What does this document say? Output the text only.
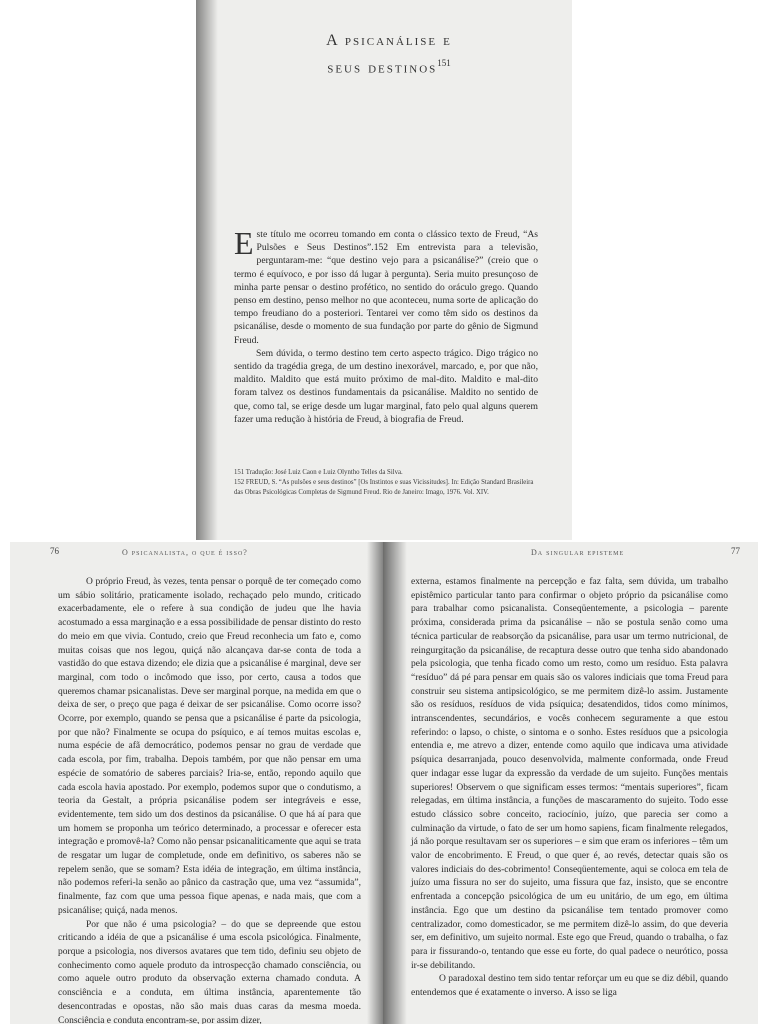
A psicanálise e
seus destinos$^{151}$

Este título me ocorreu tomando em conta o clássico texto de Freud, “As Pulsões e Seus Destinos”.152 Em entrevista para a televisão, perguntaram-me: “que destino vejo para a psicanálise?” (creio que o termo é equívoco, e por isso dá lugar à pergunta). Seria muito presunçoso de minha parte pensar o destino profético, no sentido do oráculo grego. Quando penso em destino, penso melhor no que aconteceu, numa sorte de aplicação do tempo freudiano do a posteriori. Tentarei ver como têm sido os destinos da psicanálise, desde o momento de sua fundação por parte do gênio de Sigmund Freud.

Sem dúvida, o termo destino tem certo aspecto trágico. Digo trágico no sentido da tragédia grega, de um destino inexorável, marcado, e, por que não, maldito. Maldito que está muito próximo de mal-dito. Maldito e mal-dito foram talvez os destinos fundamentais da psicanálise. Maldito no sentido de que, como tal, se erige desde um lugar marginal, fato pelo qual alguns querem fazer uma redução à história de Freud, à biografia de Freud.

151 Tradução: José Luiz Caon e Luiz Olyntho Telles da Silva.

152 FREUD, S. “As pulsões e seus destinos” [Os Instintos e suas Vicissitudes]. In: Edição Standard Brasileira das Obras Psicológicas Completas de Sigmund Freud. Rio de Janeiro: Imago, 1976. Vol. XIV.

76	O psicanalista, o que é isso?

O próprio Freud, às vezes, tenta pensar o porquê de ter começado como um sábio solitário, praticamente isolado, rechaçado pelo mundo, criticado exacerbadamente, ele o refere à sua condição de judeu que lhe havia acostumado a essa marginação e a essa possibilidade de pensar distinto do resto do meio em que vivia. Contudo, creio que Freud reconhecia um fato e, como muitas coisas que nos legou, quiçá não alcançava dar-se conta de toda a vastidão do que estava dizendo; ele dizia que a psicanálise é marginal, deve ser marginal, com todo o incômodo que isso, por certo, causa a todos que queremos chamar psicanalistas. Deve ser marginal porque, na medida em que o deixa de ser, o preço que paga é deixar de ser psicanálise. Como ocorre isso? Ocorre, por exemplo, quando se pensa que a psicanálise é parte da psicologia, por que não? Finalmente se ocupa do psíquico, e aí temos muitas escolas e, numa espécie de afã democrático, podemos pensar no grau de verdade que cada escola, por fim, trabalha. Depois também, por que não pensar em uma espécie de somatório de saberes parciais? Iria-se, então, repondo aquilo que cada escola havia apostado. Por exemplo, podemos supor que o condutismo, a teoria da Gestalt, a própria psicanálise podem ser integráveis e esse, evidentemente, tem sido um dos destinos da psicanálise. O que há aí para que um homem se proponha um teórico determinado, a processar e oferecer esta integração e promovê-la? Como não pensar psicanaliticamente que aqui se trata de resgatar um lugar de completude, onde em definitivo, os saberes não se repelem senão, que se somam? Esta idéia de integração, em última instância, não podemos referi-la senão ao pânico da castração que, uma vez “assumida”, finalmente, faz com que uma pessoa fique apenas, e nada mais, que com a psicanálise; quiçá, nada menos.

Por que não é uma psicologia? – do que se depreende que estou criticando a idéia de que a psicanálise é uma escola psicológica. Finalmente, porque a psicologia, nos diversos avatares que tem tido, definiu seu objeto de conhecimento como aquele produto da introspecção chamado consciência, ou como aquele outro produto da observação externa chamado conduta. A consciência e a conduta, em última instância, aparentemente tão desencontradas e opostas, não são mais duas caras da mesma moeda. Consciência e conduta encontram-se, por assim dizer,

Da singular episteme	77

externa, estamos finalmente na percepção e faz falta, sem dúvida, um trabalho epistêmico particular tanto para confirmar o objeto próprio da psicanálise como para trabalhar como psicanalista. Conseqüentemente, a psicologia – parente próxima, considerada prima da psicanálise – não se postula senão como uma técnica particular de reabsorção da psicanálise, para usar um termo nutricional, de reingurgitação da psicanálise, de recaptura desse outro que tenha sido abandonado pela psicologia, que tenha ficado como um resto, como um resíduo. Esta palavra “resíduo” dá pé para pensar em quais são os valores indiciais que toma Freud para construir seu sistema antipsicológico, se me permitem dizê-lo assim. Justamente são os resíduos, resíduos de vida psíquica; desatendidos, tidos como mínimos, intranscendentes, secundários, e vocês conhecem seguramente a que estou referindo: o lapso, o chiste, o sintoma e o sonho. Estes resíduos que a psicologia entendia e, me atrevo a dizer, entende como aquilo que indicava uma atividade psíquica desarranjada, pouco desenvolvida, malmente conformada, onde Freud quer indagar esse lugar da expressão da verdade de um sujeito. Funções mentais superiores! Observem o que significam esses termos: “mentais superiores”, ficam relegadas, em última instância, a funções de mascaramento do sujeito. Todo esse estudo clássico sobre conceito, raciocínio, juízo, que parecia ser como a culminação da virtude, o fato de ser um homo sapiens, ficam finalmente relegados, já não porque resultavam ser os superiores – e sim que eram os inferiores – têm um valor de encobrimento. E Freud, o que quer é, ao revés, detectar quais são os valores indiciais do des-cobrimento! Conseqüentemente, aqui se coloca em tela de juízo uma fissura no ser do sujeito, uma fissura que faz, insisto, que se encontre enfrentada a concepção psicológica de um eu unitário, de um ego, em última instância. Ego que um destino da psicanálise tem tentado promover como centralizador, como domesticador, se me permitem dizê-lo assim, do que deveria ser, em definitivo, um sujeito normal. Este ego que Freud, quando o trabalha, o faz para ir fissurando-o, tentando que esse eu forte, do qual padece o neurótico, possa ir-se debilitando.

O paradoxal destino tem sido tentar reforçar um eu que se diz débil, quando entendemos que é exatamente o inverso. A isso se liga
